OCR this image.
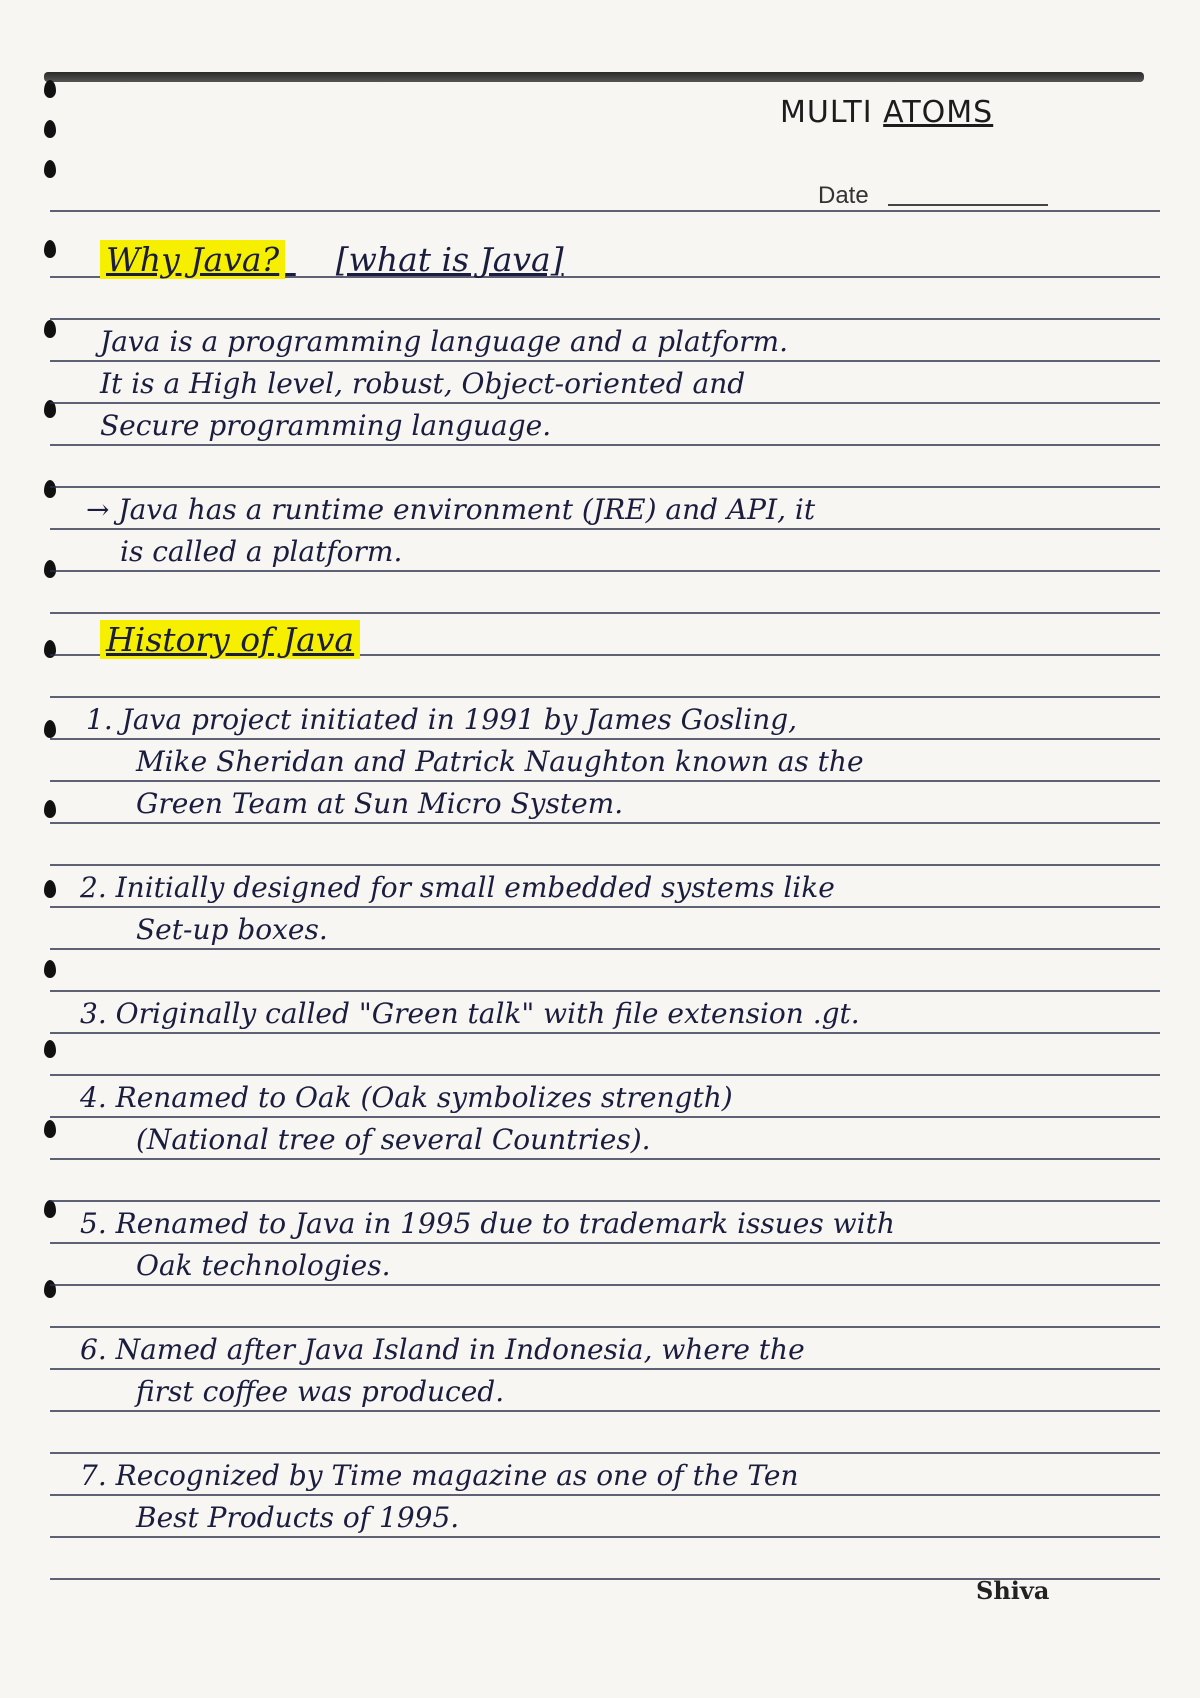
MULTI ATOMS
Date
Why Java? [what is Java]
Java is a programming language and a platform.
It is a High level, robust, Object-oriented and
Secure programming language.
→ Java has a runtime environment (JRE) and API, it
is called a platform.
History of Java
1. Java project initiated in 1991 by James Gosling,
Mike Sheridan and Patrick Naughton known as the
Green Team at Sun Micro System.
2. Initially designed for small embedded systems like
Set-up boxes.
3. Originally called "Green talk" with file extension .gt.
4. Renamed to Oak (Oak symbolizes strength)
(National tree of several Countries).
5. Renamed to Java in 1995 due to trademark issues with
Oak technologies.
6. Named after Java Island in Indonesia, where the
first coffee was produced.
7. Recognized by Time magazine as one of the Ten
Best Products of 1995.
Shiva
